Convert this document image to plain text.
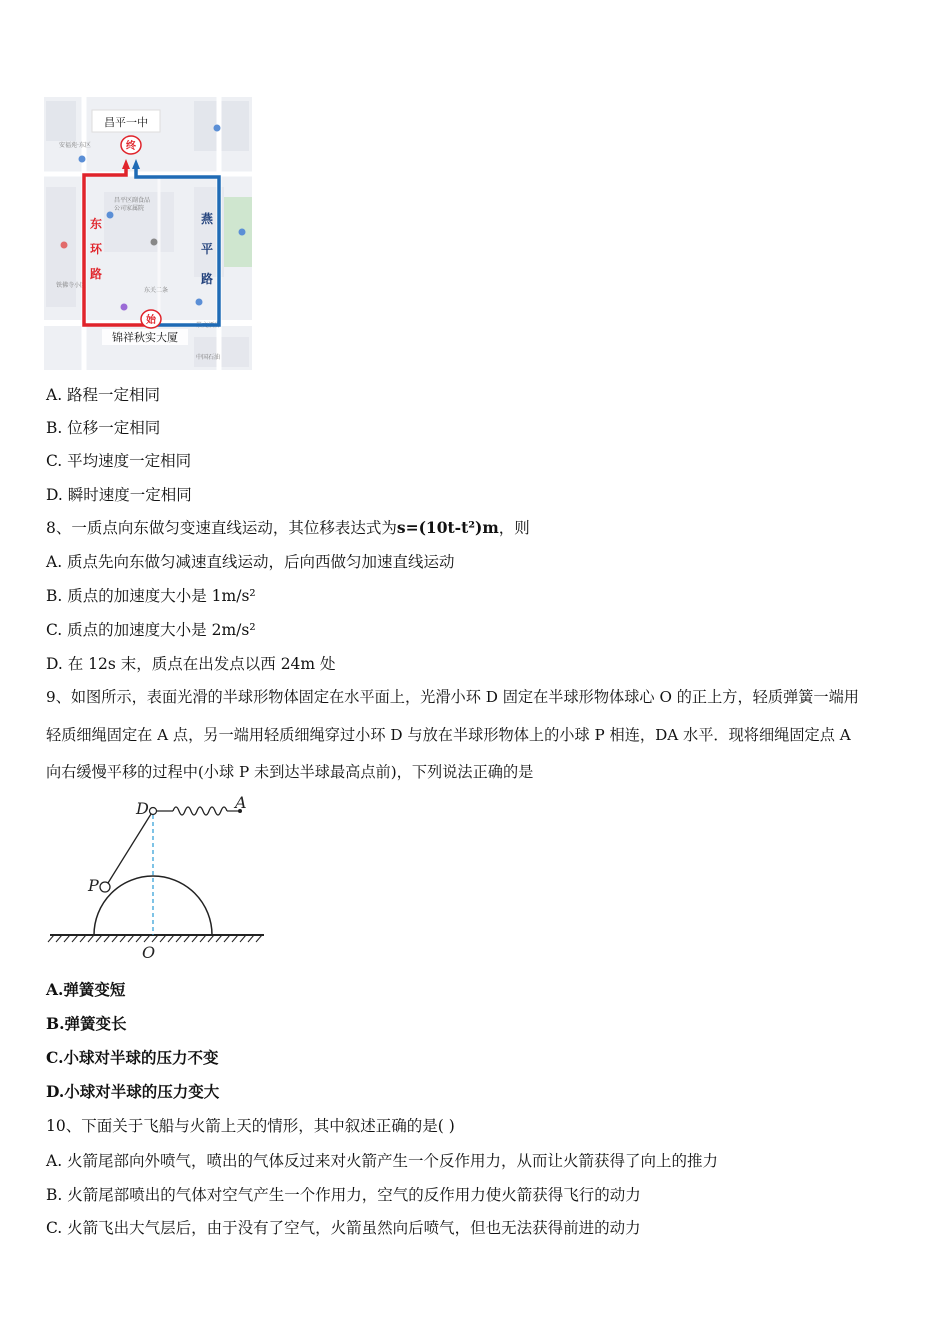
安福苑·东区
昌平区副食品
公司家属院
东关二条
铁佛寺小区
崇文酒店
中国石油
终
始
昌平一中
东
环
路
燕
平
路
锦祥秋实大厦
A. 路程一定相同
B. 位移一定相同
C. 平均速度一定相同
D. 瞬时速度一定相同
8、一质点向东做匀变速直线运动，其位移表达式为s=(10t-t²)m，则
A. 质点先向东做匀减速直线运动，后向西做匀加速直线运动
B. 质点的加速度大小是 1m/s²
C. 质点的加速度大小是 2m/s²
D. 在 12s 末，质点在出发点以西 24m 处
9、如图所示，表面光滑的半球形物体固定在水平面上，光滑小环 D 固定在半球形物体球心 O 的正上方，轻质弹簧一端用
轻质细绳固定在 A 点，另一端用轻质细绳穿过小环 D 与放在半球形物体上的小球 P 相连，DA 水平．现将细绳固定点 A
向右缓慢平移的过程中(小球 P 未到达半球最高点前)，下列说法正确的是
D	A
P
O
A.弹簧变短
B.弹簧变长
C.小球对半球的压力不变
D.小球对半球的压力变大
10、下面关于飞船与火箭上天的情形，其中叙述正确的是( )
A. 火箭尾部向外喷气，喷出的气体反过来对火箭产生一个反作用力，从而让火箭获得了向上的推力
B. 火箭尾部喷出的气体对空气产生一个作用力，空气的反作用力使火箭获得飞行的动力
C. 火箭飞出大气层后，由于没有了空气，火箭虽然向后喷气，但也无法获得前进的动力
